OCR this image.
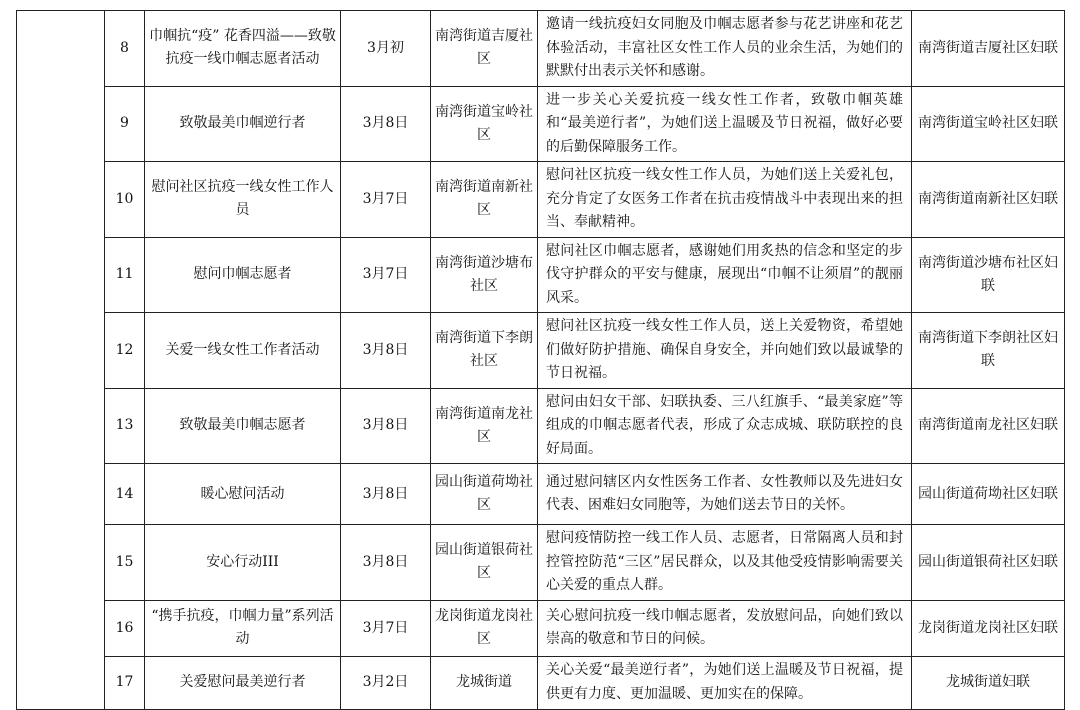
	8	巾帼抗“疫” 花香四溢——致敬抗疫一线巾帼志愿者活动	3月初	南湾街道吉厦社区	邀请一线抗疫妇女同胞及巾帼志愿者参与花艺讲座和花艺体验活动，丰富社区女性工作人员的业余生活，为她们的默默付出表示关怀和感谢。	南湾街道吉厦社区妇联
	9	致敬最美巾帼逆行者	3月8日	南湾街道宝岭社区	进一步关心关爱抗疫一线女性工作者，致敬巾帼英雄和“最美逆行者”，为她们送上温暖及节日祝福，做好必要的后勤保障服务工作。	南湾街道宝岭社区妇联
	10	慰问社区抗疫一线女性工作人员	3月7日	南湾街道南新社区	慰问社区抗疫一线女性工作人员，为她们送上关爱礼包，充分肯定了女医务工作者在抗击疫情战斗中表现出来的担当、奉献精神。	南湾街道南新社区妇联
	11	慰问巾帼志愿者	3月7日	南湾街道沙塘布社区	慰问社区巾帼志愿者，感谢她们用炙热的信念和坚定的步伐守护群众的平安与健康，展现出“巾帼不让须眉”的靓丽风采。	南湾街道沙塘布社区妇联
	12	关爱一线女性工作者活动	3月8日	南湾街道下李朗社区	慰问社区抗疫一线女性工作人员，送上关爱物资，希望她们做好防护措施、确保自身安全，并向她们致以最诚挚的节日祝福。	南湾街道下李朗社区妇联
	13	致敬最美巾帼志愿者	3月8日	南湾街道南龙社区	慰问由妇女干部、妇联执委、三八红旗手、“最美家庭”等组成的巾帼志愿者代表，形成了众志成城、联防联控的良好局面。	南湾街道南龙社区妇联
	14	暖心慰问活动	3月8日	园山街道荷坳社区	通过慰问辖区内女性医务工作者、女性教师以及先进妇女代表、困难妇女同胞等，为她们送去节日的关怀。	园山街道荷坳社区妇联
	15	安心行动III	3月8日	园山街道银荷社区	慰问疫情防控一线工作人员、志愿者，日常隔离人员和封控管控防范“三区”居民群众，以及其他受疫情影响需要关心关爱的重点人群。	园山街道银荷社区妇联
	16	“携手抗疫，巾帼力量”系列活动	3月7日	龙岗街道龙岗社区	关心慰问抗疫一线巾帼志愿者，发放慰问品，向她们致以崇高的敬意和节日的问候。	龙岗街道龙岗社区妇联
	17	关爱慰问最美逆行者	3月2日	龙城街道	关心关爱“最美逆行者”，为她们送上温暖及节日祝福，提供更有力度、更加温暖、更加实在的保障。	龙城街道妇联
